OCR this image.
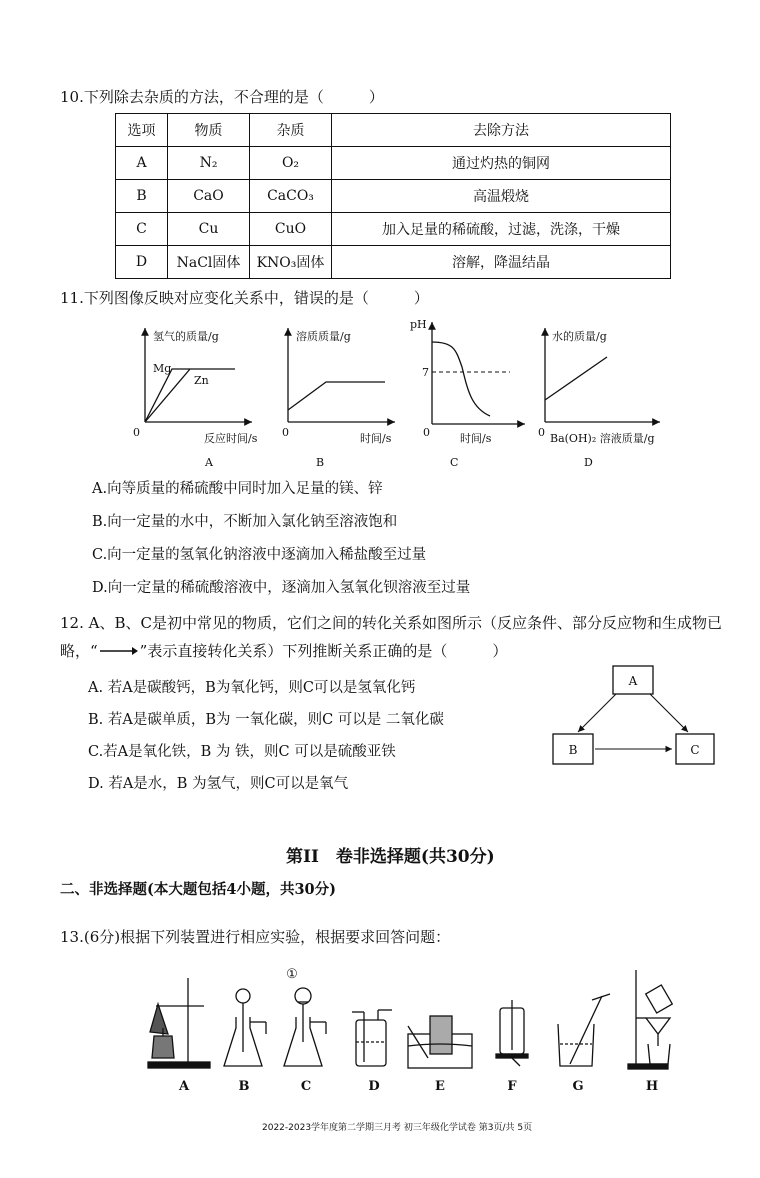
10.下列除去杂质的方法，不合理的是（　　　）
选项	物质	杂质	去除方法
A	N₂	O₂	通过灼热的铜网
B	CaO	CaCO₃	高温煅烧
C	Cu	CuO	加入足量的稀硫酸，过滤，洗涤，干燥
D	NaCl固体	KNO₃固体	溶解，降温结晶
11.下列图像反映对应变化关系中，错误的是（　　　）
氢气的质量/g
Mg
Zn
0	反应时间/s
A
溶质质量/g
0	时间/s
B
pH
7
0	时间/s
C
水的质量/g
0 Ba(OH)₂ 溶液质量/g
D
A.向等质量的稀硫酸中同时加入足量的镁、锌
B.向一定量的水中，不断加入氯化钠至溶液饱和
C.向一定量的氢氧化钠溶液中逐滴加入稀盐酸至过量
D.向一定量的稀硫酸溶液中，逐滴加入氢氧化钡溶液至过量
12. A、B、C是初中常见的物质，它们之间的转化关系如图所示（反应条件、部分反应物和生成物已
略，“	”表示直接转化关系）下列推断关系正确的是（　　　）
A. 若A是碳酸钙，B为氧化钙，则C可以是氢氧化钙
B. 若A是碳单质，B为 一氧化碳，则C 可以是 二氧化碳
C.若A是氧化铁，B 为 铁，则C 可以是硫酸亚铁
D. 若A是水，B 为氢气，则C可以是氧气
A
B	C
第II　卷非选择题(共30分)
二、非选择题(本大题包括4小题，共30分)
13.(6分)根据下列装置进行相应实验，根据要求回答问题：
①
A	B	C	D	E	F	G	H
2022-2023学年度第二学期三月考 初三年级化学试卷 第3页/共 5页
